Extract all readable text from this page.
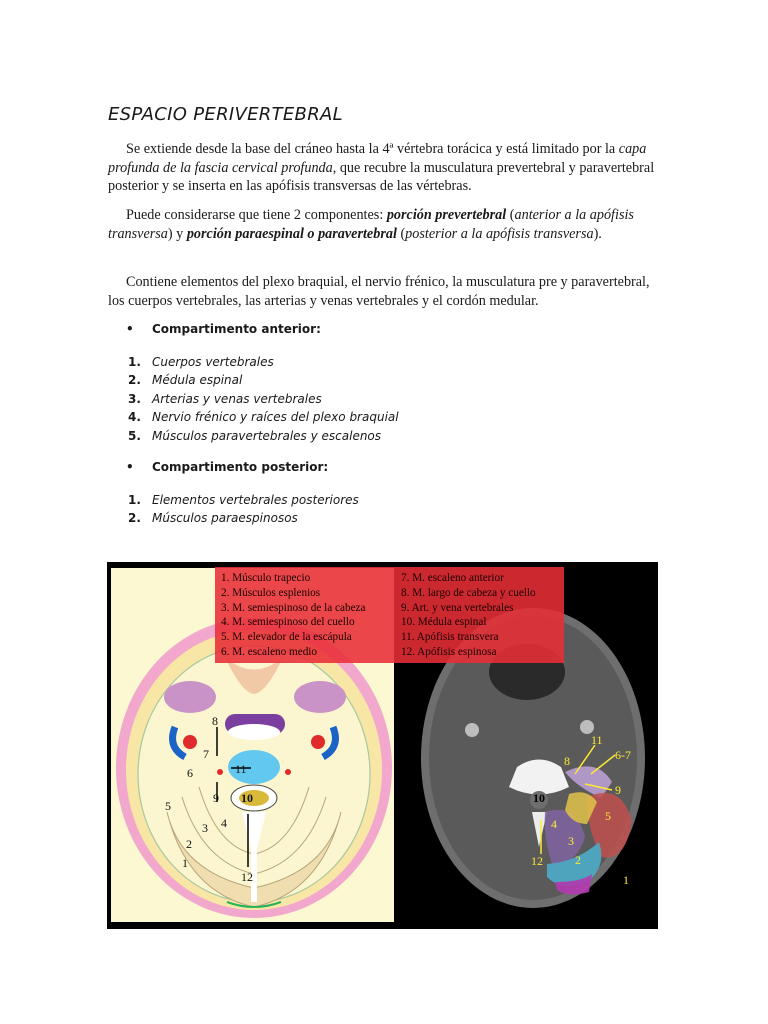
ESPACIO PERIVERTEBRAL
Se extiende desde la base del cráneo hasta la 4ª vértebra torácica y está limitado por la capa profunda de la fascia cervical profunda, que recubre la musculatura prevertebral y paravertebral posterior y se inserta en las apófisis transversas de las vértebras.
Puede considerarse que tiene 2 componentes: porción prevertebral (anterior a la apófisis transversa) y porción paraespinal o paravertebral (posterior a la apófisis transversa).
Contiene elementos del plexo braquial, el nervio frénico, la musculatura pre y paravertebral, los cuerpos vertebrales, las arterias y venas vertebrales y el cordón medular.
• Compartimento anterior:
1. Cuerpos vertebrales
2. Médula espinal
3. Arterias y venas vertebrales
4. Nervio frénico y raíces del plexo braquial
5. Músculos paravertebrales y escalenos
• Compartimento posterior:
1. Elementos vertebrales posteriores
2. Músculos paraespinosos
1
2
3 4
5
6
7
8
9 10
11
12	1
2
3
4
5
6-7
8
9
10
11
12
1. Músculo trapecio
2. Músculos esplenios
3. M. semiespinoso de la cabeza
4. M. semiespinoso del cuello
5. M. elevador de la escápula
6. M. escaleno medio
7. M. escaleno anterior
8. M. largo de cabeza y cuello
9. Art. y vena vertebrales
10. Médula espinal
11. Apófisis transvera
12. Apófisis espinosa
